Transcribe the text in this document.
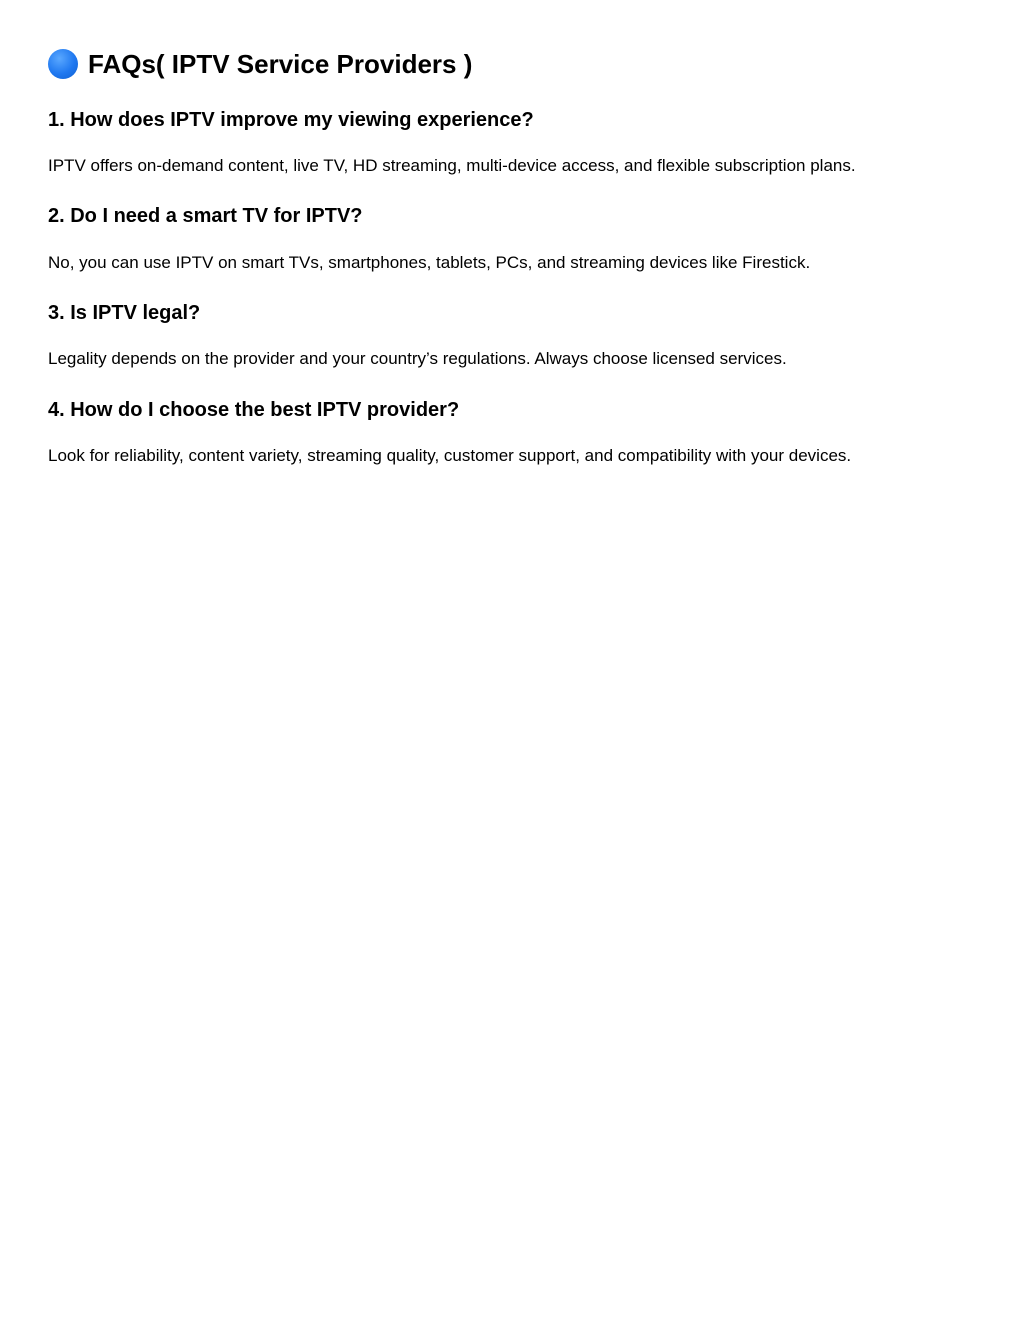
FAQs( IPTV Service Providers )
1. How does IPTV improve my viewing experience?

IPTV offers on-demand content, live TV, HD streaming, multi-device access, and flexible subscription plans.

2. Do I need a smart TV for IPTV?

No, you can use IPTV on smart TVs, smartphones, tablets, PCs, and streaming devices like Firestick.

3. Is IPTV legal?

Legality depends on the provider and your country’s regulations. Always choose licensed services.

4. How do I choose the best IPTV provider?

Look for reliability, content variety, streaming quality, customer support, and compatibility with your devices.
